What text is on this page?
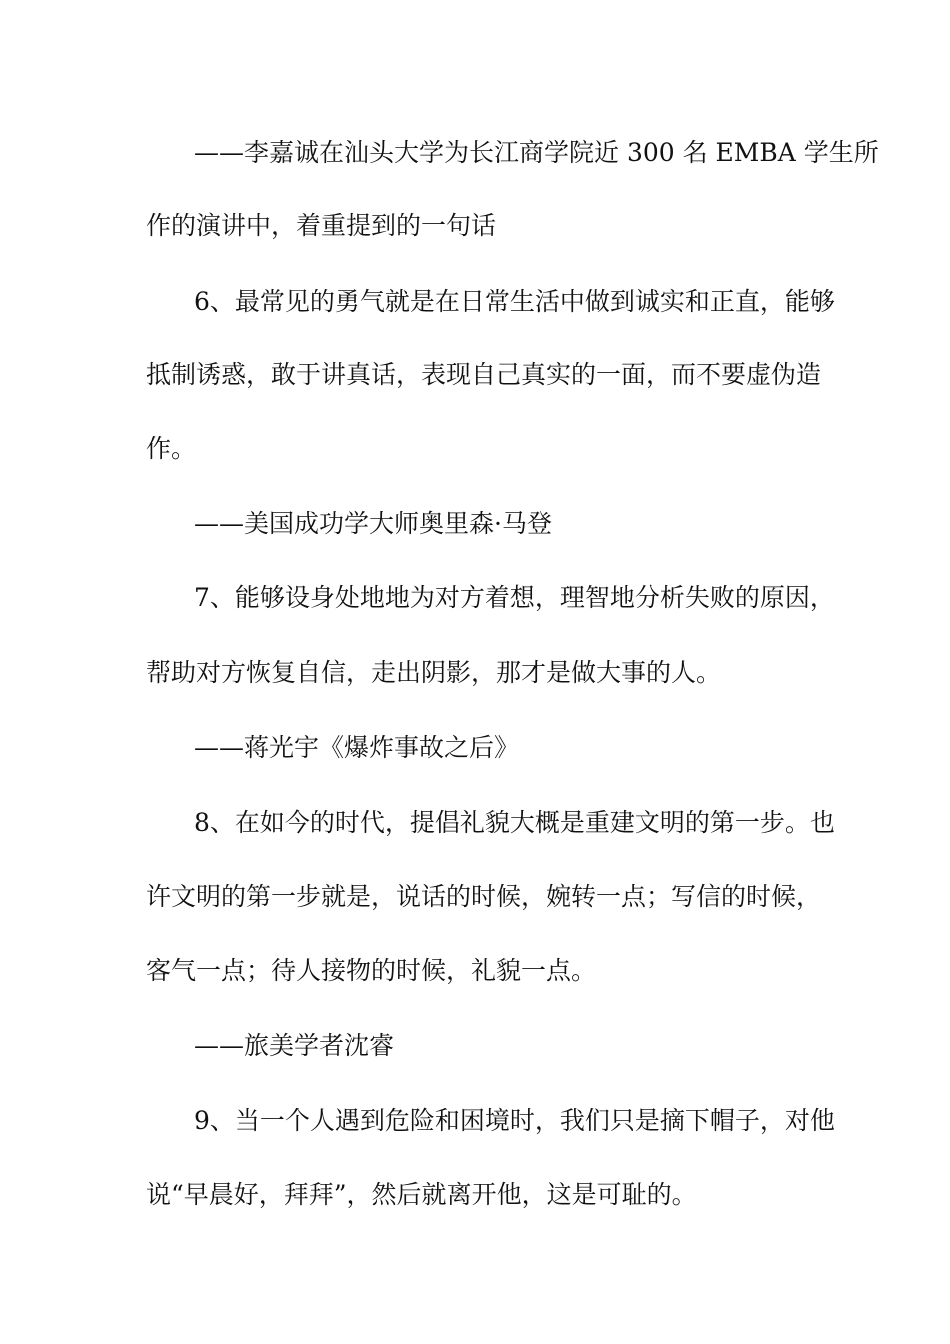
——李嘉诚在汕头大学为长江商学院近 300 名 EMBA 学生所
作的演讲中，着重提到的一句话
6、最常见的勇气就是在日常生活中做到诚实和正直，能够
抵制诱惑，敢于讲真话，表现自己真实的一面，而不要虚伪造
作。
——美国成功学大师奥里森·马登
7、能够设身处地地为对方着想，理智地分析失败的原因，
帮助对方恢复自信，走出阴影，那才是做大事的人。
——蒋光宇《爆炸事故之后》
8、在如今的时代，提倡礼貌大概是重建文明的第一步。也
许文明的第一步就是，说话的时候，婉转一点；写信的时候，
客气一点；待人接物的时候，礼貌一点。
——旅美学者沈睿
9、当一个人遇到危险和困境时，我们只是摘下帽子，对他
说“早晨好，拜拜”，然后就离开他，这是可耻的。
